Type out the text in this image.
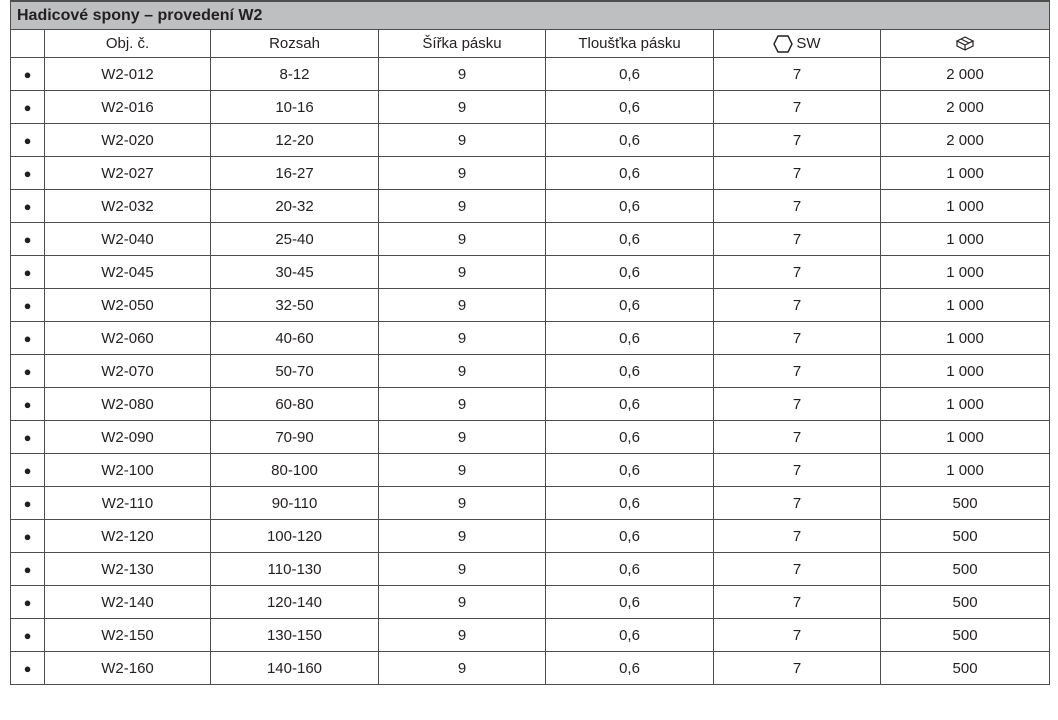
Hadicové spony – provedení W2						
	Obj. č.	Rozsah	Šířka pásku	Tloušťka pásku	SW	

●	W2-012	8-12	9	0,6	7	2 000
●	W2-016	10-16	9	0,6	7	2 000
●	W2-020	12-20	9	0,6	7	2 000
●	W2-027	16-27	9	0,6	7	1 000
●	W2-032	20-32	9	0,6	7	1 000
●	W2-040	25-40	9	0,6	7	1 000
●	W2-045	30-45	9	0,6	7	1 000
●	W2-050	32-50	9	0,6	7	1 000
●	W2-060	40-60	9	0,6	7	1 000
●	W2-070	50-70	9	0,6	7	1 000
●	W2-080	60-80	9	0,6	7	1 000
●	W2-090	70-90	9	0,6	7	1 000
●	W2-100	80-100	9	0,6	7	1 000
●	W2-110	90-110	9	0,6	7	500
●	W2-120	100-120	9	0,6	7	500
●	W2-130	110-130	9	0,6	7	500
●	W2-140	120-140	9	0,6	7	500
●	W2-150	130-150	9	0,6	7	500
●	W2-160	140-160	9	0,6	7	500
